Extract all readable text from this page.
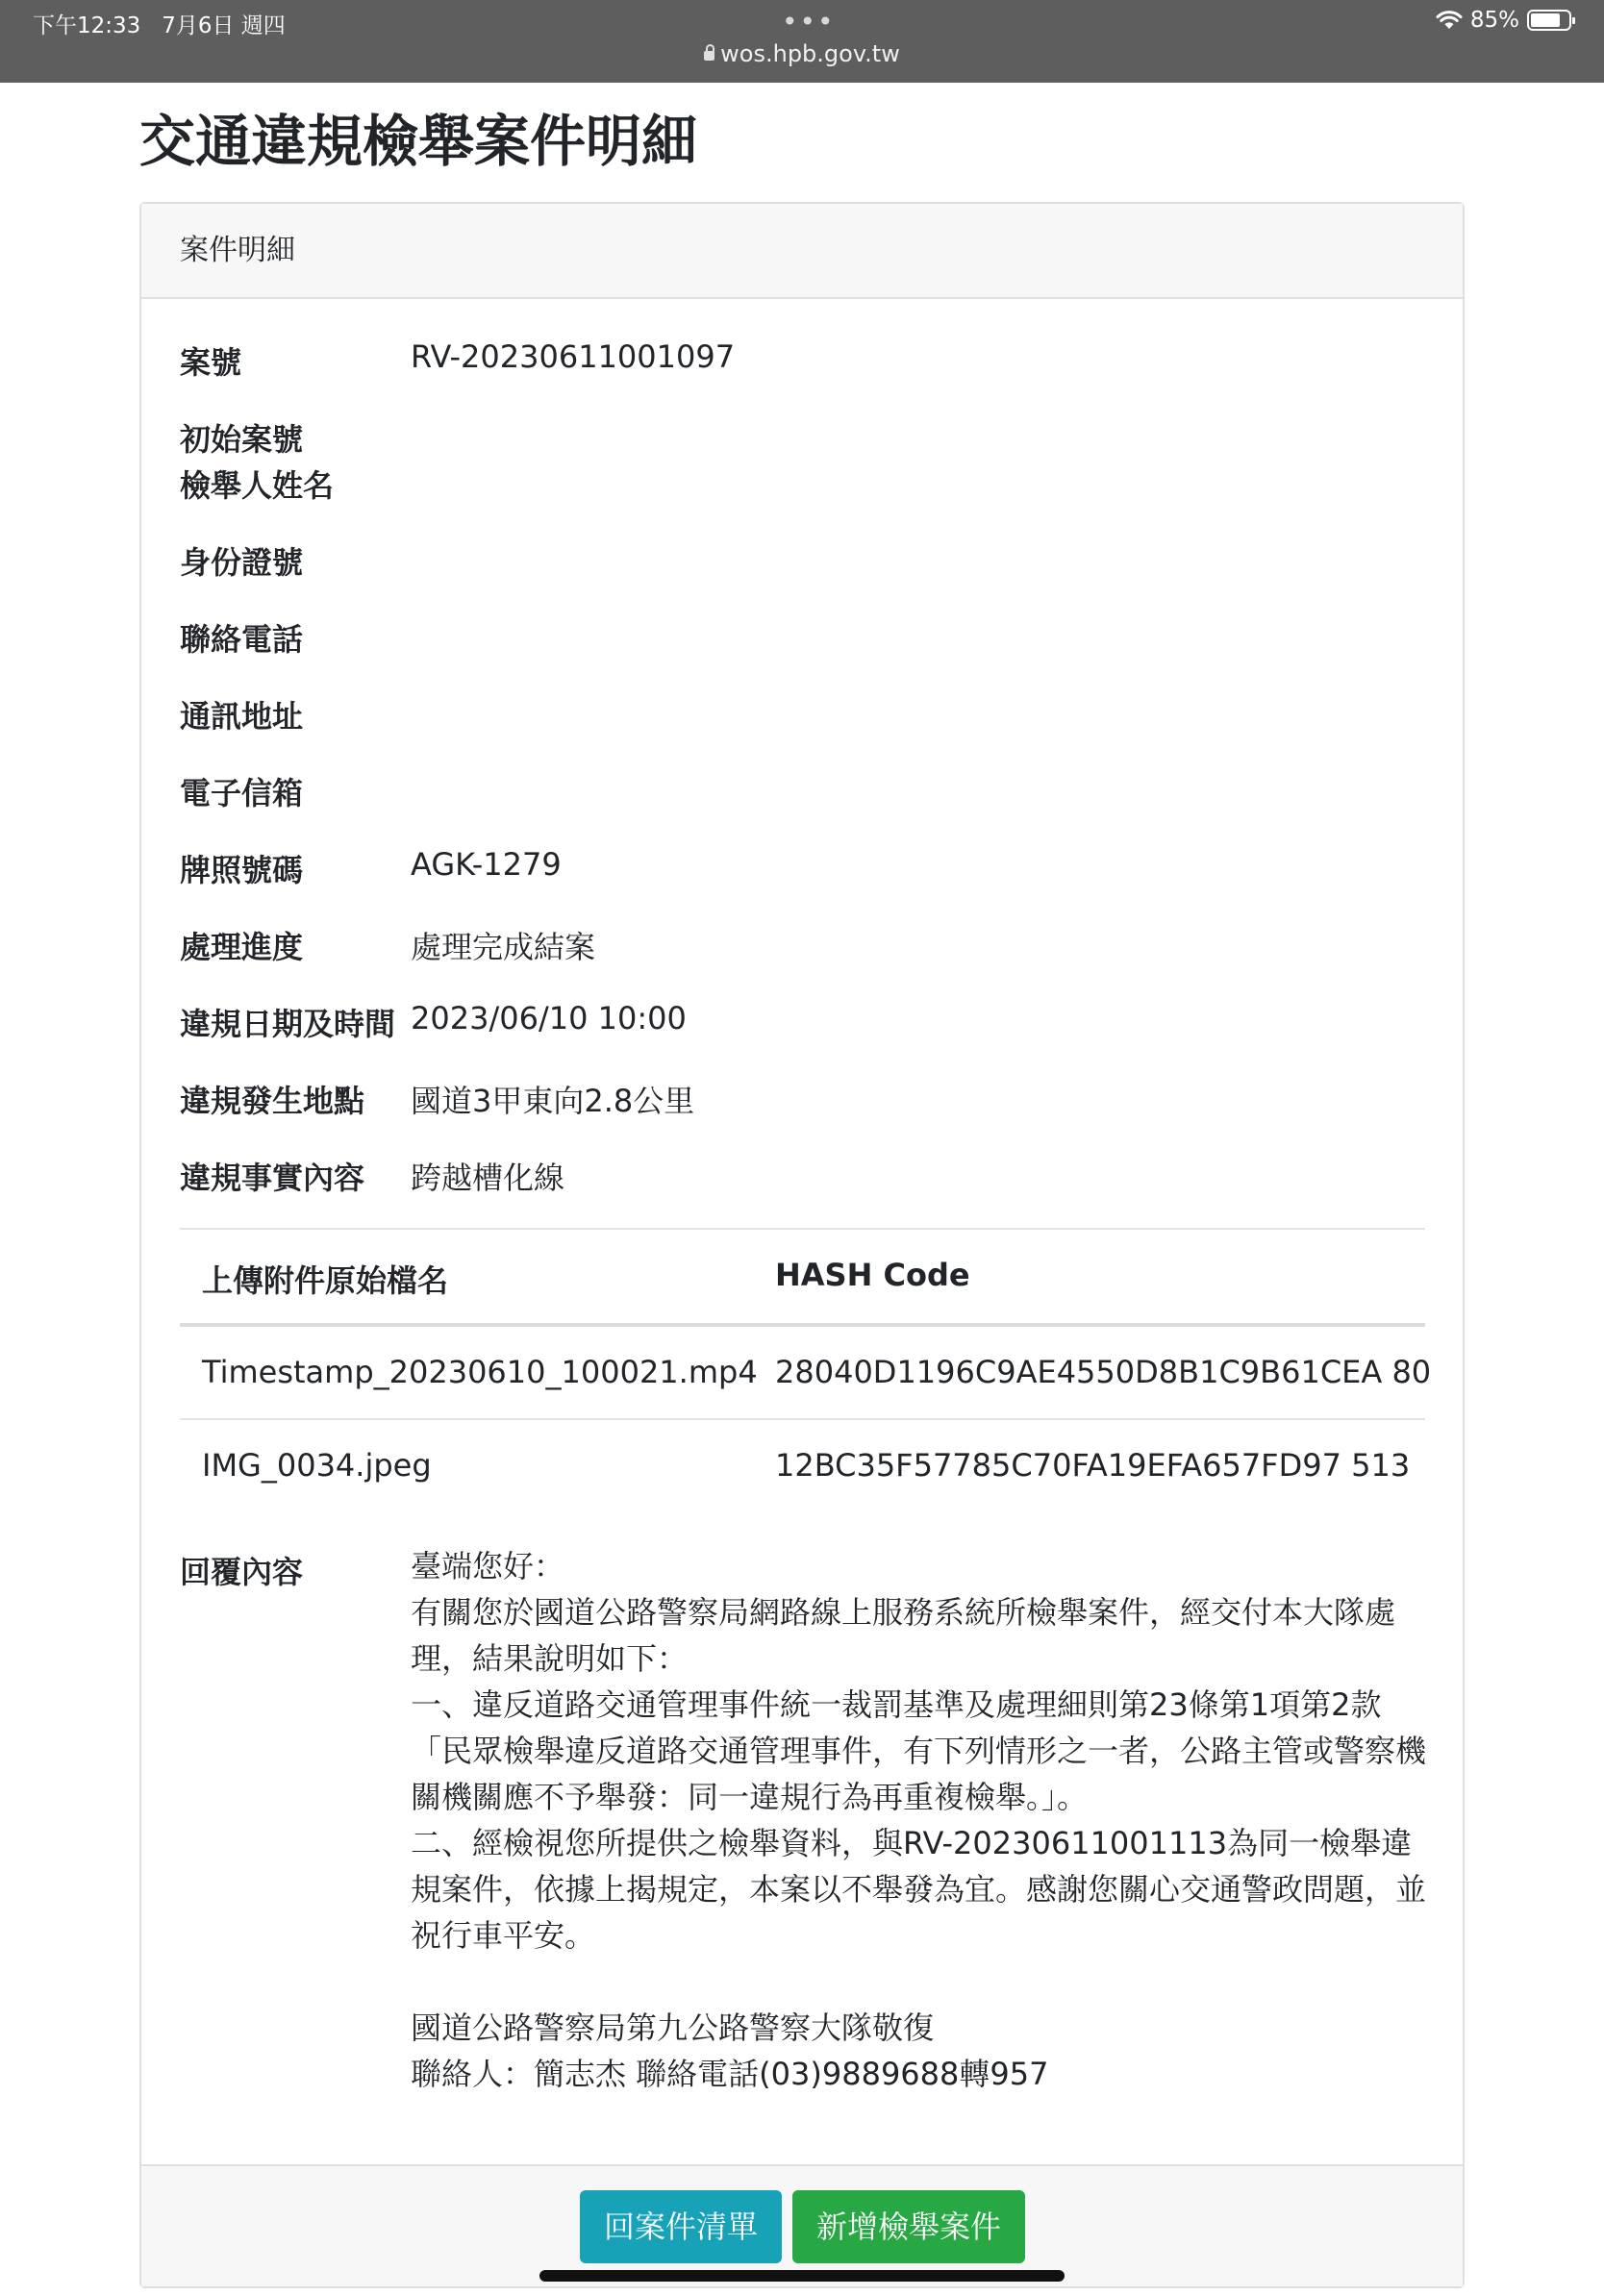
下午12:33 7月6日 週四	•••	85%
wos.hpb.gov.tw
交通違規檢舉案件明細
案件明細
回案件清單	新增檢舉案件
案號	RV-20230611001097
初始案號
檢舉人姓名
身份證號
聯絡電話
通訊地址
電子信箱
牌照號碼	AGK-1279
處理進度	處理完成結案
違規日期及時間 2023/06/10 10:00
違規發生地點 國道3甲東向2.8公里
違規事實內容 跨越槽化線
上傳附件原始檔名	HASH Code
Timestamp_20230610_100021.mp4 28040D1196C9AE4550D8B1C9B61CEA 80
IMG_0034.jpeg	12BC35F57785C70FA19EFA657FD97 513
回覆內容	臺端您好：

有關您於國道公路警察局網路線上服務系統所檢舉案件，經交付本大隊處理，結果說明如下：

一、違反道路交通管理事件統一裁罰基準及處理細則第23條第1項第2款「民眾檢舉違反道路交通管理事件，有下列情形之一者，公路主管或警察機關機關應不予舉發：同一違規行為再重複檢舉。」。

二、經檢視您所提供之檢舉資料，與RV-20230611001113為同一檢舉違規案件，依據上揭規定，本案以不舉發為宜。感謝您關心交通警政問題，並祝行車平安。

國道公路警察局第九公路警察大隊敬復

聯絡人：簡志杰 聯絡電話(03)9889688轉957
